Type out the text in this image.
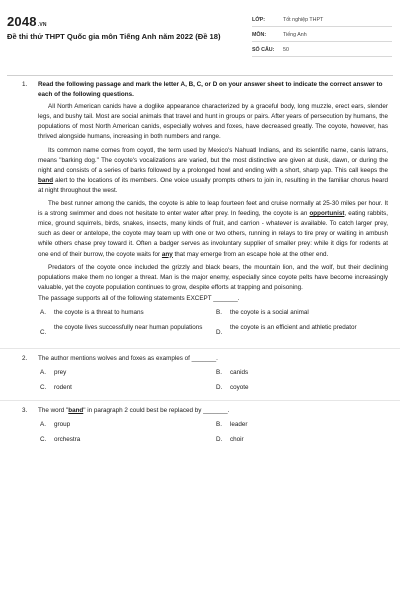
2048.VN
Đề thi thử THPT Quốc gia môn Tiếng Anh năm 2022 (Đề 18)
LỚP:	Tốt nghiệp THPT
MÔN:	Tiếng Anh
SỐ CÂU: 50
1. Read the following passage and mark the letter A, B, C, or D on your answer sheet to indicate the correct answer to each of the following questions.

All North American canids have a doglike appearance characterized by a graceful body, long muzzle, erect ears, slender legs, and bushy tail. Most are social animals that travel and hunt in groups or pairs. After years of persecution by humans, the populations of most North American canids, especially wolves and foxes, have decreased greatly. The coyote, however, has thrived alongside humans, increasing in both numbers and range.

Its common name comes from coyotl, the term used by Mexico's Nahuatl Indians, and its scientific name, canis latrans, means "barking dog." The coyote's vocalizations are varied, but the most distinctive are given at dusk, dawn, or during the night and consists of a series of barks followed by a prolonged howl and ending with a short, sharp yap. This call keeps the band alert to the locations of its members. One voice usually prompts others to join in, resulting in the familiar chorus heard at night throughout the west.

The best runner among the canids, the coyote is able to leap fourteen feet and cruise normally at 25-30 miles per hour. It is a strong swimmer and does not hesitate to enter water after prey. In feeding, the coyote is an opportunist, eating rabbits, mice, ground squirrels, birds, snakes, insects, many kinds of fruit, and carrion - whatever is available. To catch larger prey, such as deer or antelope, the coyote may team up with one or two others, running in relays to tire prey or waiting in ambush while others chase prey toward it. Often a badger serves as involuntary supplier of smaller prey: while it digs for rodents at one end of their burrow, the coyote waits for any that may emerge from an escape hole at the other end.

Predators of the coyote once included the grizzly and black bears, the mountain lion, and the wolf, but their declining populations make them no longer a threat. Man is the major enemy, especially since coyote pelts have become increasingly valuable, yet the coyote population continues to grow, despite efforts at trapping and poisoning.

The passage supports all of the following statements EXCEPT _______.
A. the coyote is a threat to humans	B. the coyote is a social animal
C.
the coyote lives successfully near human populations
D.
the coyote is an efficient and athletic predator
2. The author mentions wolves and foxes as examples of _______.
A. prey	B. canids
C. rodent	D. coyote
3. The word "band" in paragraph 2 could best be replaced by _______.
A. group	B. leader
C. orchestra	D. choir
